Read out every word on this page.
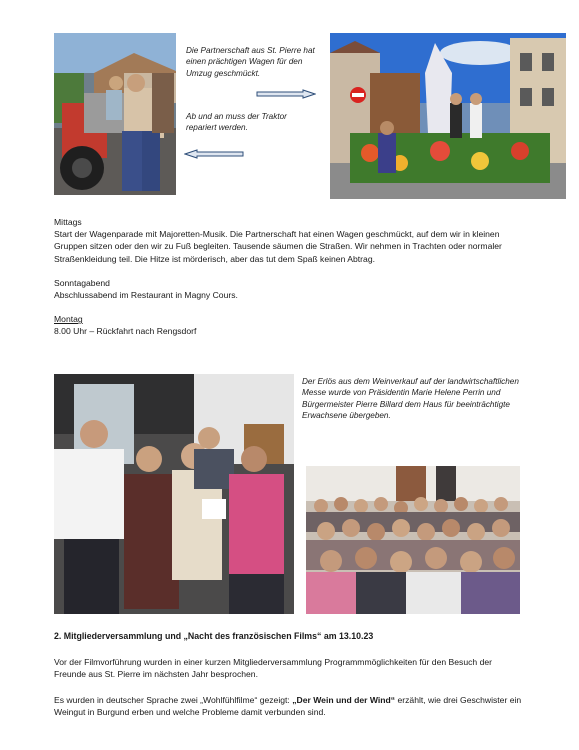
Die Partnerschaft aus St. Pierre hat einen prächtigen Wagen für den Umzug geschmückt.
Ab und an muss der Traktor repariert werden.

Mittags

Start der Wagenparade mit Majoretten-Musik. Die Partnerschaft hat einen Wagen geschmückt, auf dem wir in kleinen Gruppen sitzen oder den wir zu Fuß begleiten. Tausende säumen die Straßen. Wir nehmen in Trachten oder normaler Straßenkleidung teil. Die Hitze ist mörderisch, aber das tut dem Spaß keinen Abtrag.

Sonntagabend

Abschlussabend im Restaurant in Magny Cours.

Montag

8.00 Uhr – Rückfahrt nach Rengsdorf

Der Erlös aus dem Weinverkauf auf der landwirtschaftlichen Messe wurde von Präsidentin Marie Helene Perrin und Bürgermeister Pierre Billard dem Haus für beeinträchtigte Erwachsene übergeben.
2. Mitgliederversammlung und „Nacht des französischen Films“ am 13.10.23
Vor der Filmvorführung wurden in einer kurzen Mitgliederversammlung Programmmöglichkeiten für den Besuch der Freunde aus St. Pierre im nächsten Jahr besprochen.
Es wurden in deutscher Sprache zwei „Wohlfühlfilme“ gezeigt: „Der Wein und der Wind“ erzählt, wie drei Geschwister ein Weingut in Burgund erben und welche Probleme damit verbunden sind.
